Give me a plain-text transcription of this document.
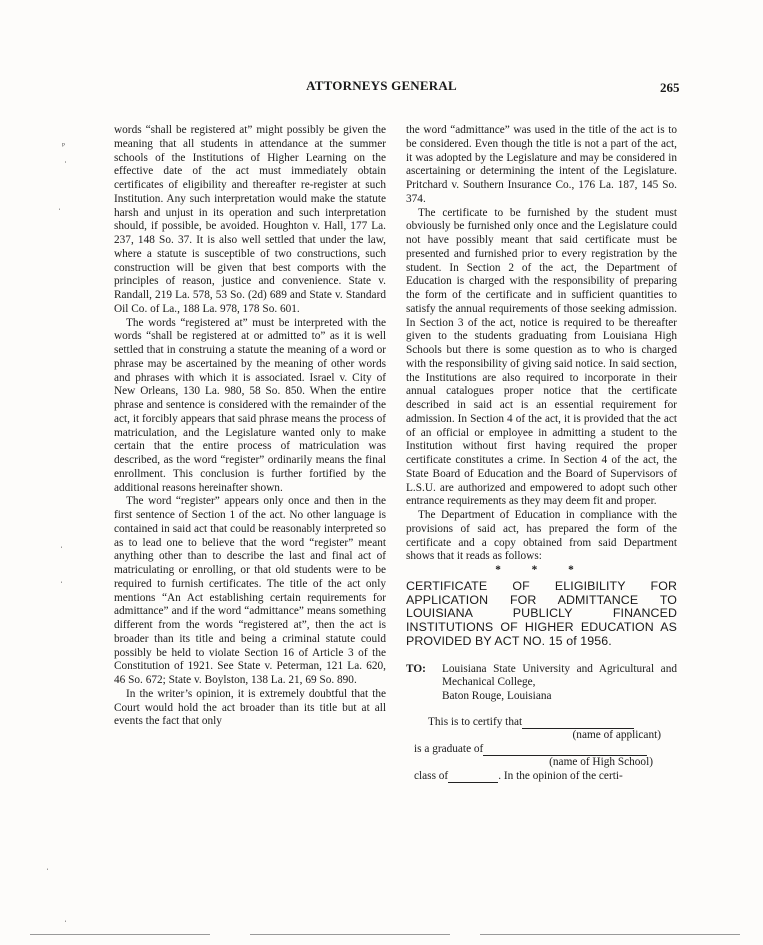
ATTORNEYS GENERAL	265

words “shall be registered at” might possibly be given the meaning that all students in attendance at the summer schools of the Institutions of Higher Learning on the effective date of the act must immediately obtain certificates of eligibility and thereafter re-register at such Institution. Any such interpretation would make the statute harsh and unjust in its operation and such interpretation should, if possible, be avoided. Houghton v. Hall, 177 La. 237, 148 So. 37. It is also well settled that under the law, where a statute is susceptible of two constructions, such construction will be given that best comports with the principles of reason, justice and convenience. State v. Randall, 219 La. 578, 53 So. (2d) 689 and State v. Standard Oil Co. of La., 188 La. 978, 178 So. 601.

The words “registered at” must be interpreted with the words “shall be registered at or admitted to” as it is well settled that in construing a statute the meaning of a word or phrase may be ascertained by the meaning of other words and phrases with which it is associated. Israel v. City of New Orleans, 130 La. 980, 58 So. 850. When the entire phrase and sentence is considered with the remainder of the act, it forcibly appears that said phrase means the process of matriculation, and the Legislature wanted only to make certain that the entire process of matriculation was described, as the word “register” ordinarily means the final enrollment. This conclusion is further fortified by the additional reasons hereinafter shown.

The word “register” appears only once and then in the first sentence of Section 1 of the act. No other language is contained in said act that could be reasonably interpreted so as to lead one to believe that the word “register” meant anything other than to describe the last and final act of matriculating or enrolling, or that old students were to be required to furnish certificates. The title of the act only mentions “An Act establishing certain requirements for admittance” and if the word “admittance” means something different from the words “registered at”, then the act is broader than its title and being a criminal statute could possibly be held to violate Section 16 of Article 3 of the Constitution of 1921. See State v. Peterman, 121 La. 620, 46 So. 672; State v. Boylston, 138 La. 21, 69 So. 890.

In the writer’s opinion, it is extremely doubtful that the Court would hold the act broader than its title but at all events the fact that only

the word “admittance” was used in the title of the act is to be considered. Even though the title is not a part of the act, it was adopted by the Legislature and may be considered in ascertaining or determining the intent of the Legislature. Pritchard v. Southern Insurance Co., 176 La. 187, 145 So. 374.

The certificate to be furnished by the student must obviously be furnished only once and the Legislature could not have possibly meant that said certificate must be presented and furnished prior to every registration by the student. In Section 2 of the act, the Department of Education is charged with the responsibility of preparing the form of the certificate and in sufficient quantities to satisfy the annual requirements of those seeking admission. In Section 3 of the act, notice is required to be thereafter given to the students graduating from Louisiana High Schools but there is some question as to who is charged with the responsibility of giving said notice. In said section, the Institutions are also required to incorporate in their annual catalogues proper notice that the certificate described in said act is an essential requirement for admission. In Section 4 of the act, it is provided that the act of an official or employee in admitting a student to the Institution without first having required the proper certificate constitutes a crime. In Section 4 of the act, the State Board of Education and the Board of Supervisors of L.S.U. are authorized and empowered to adopt such other entrance requirements as they may deem fit and proper.

The Department of Education in compliance with the provisions of said act, has prepared the form of the certificate and a copy obtained from said Department shows that it reads as follows:

* * *
CERTIFICATE OF ELIGIBILITY FOR APPLICATION FOR ADMITTANCE TO LOUISIANA PUBLICLY FINANCED INSTITUTIONS OF HIGHER EDUCATION AS PROVIDED BY ACT NO. 15 of 1956.
TO:	Louisiana State University and Agricultural and Mechanical College,
Baton Rouge, Louisiana
This is to certify that
(name of applicant)
is a graduate of
(name of High School)
class of	. In the opinion of the certi-
ᵖ
˙
ˌ
ˈ
ˈ
ˌ
ˌ
